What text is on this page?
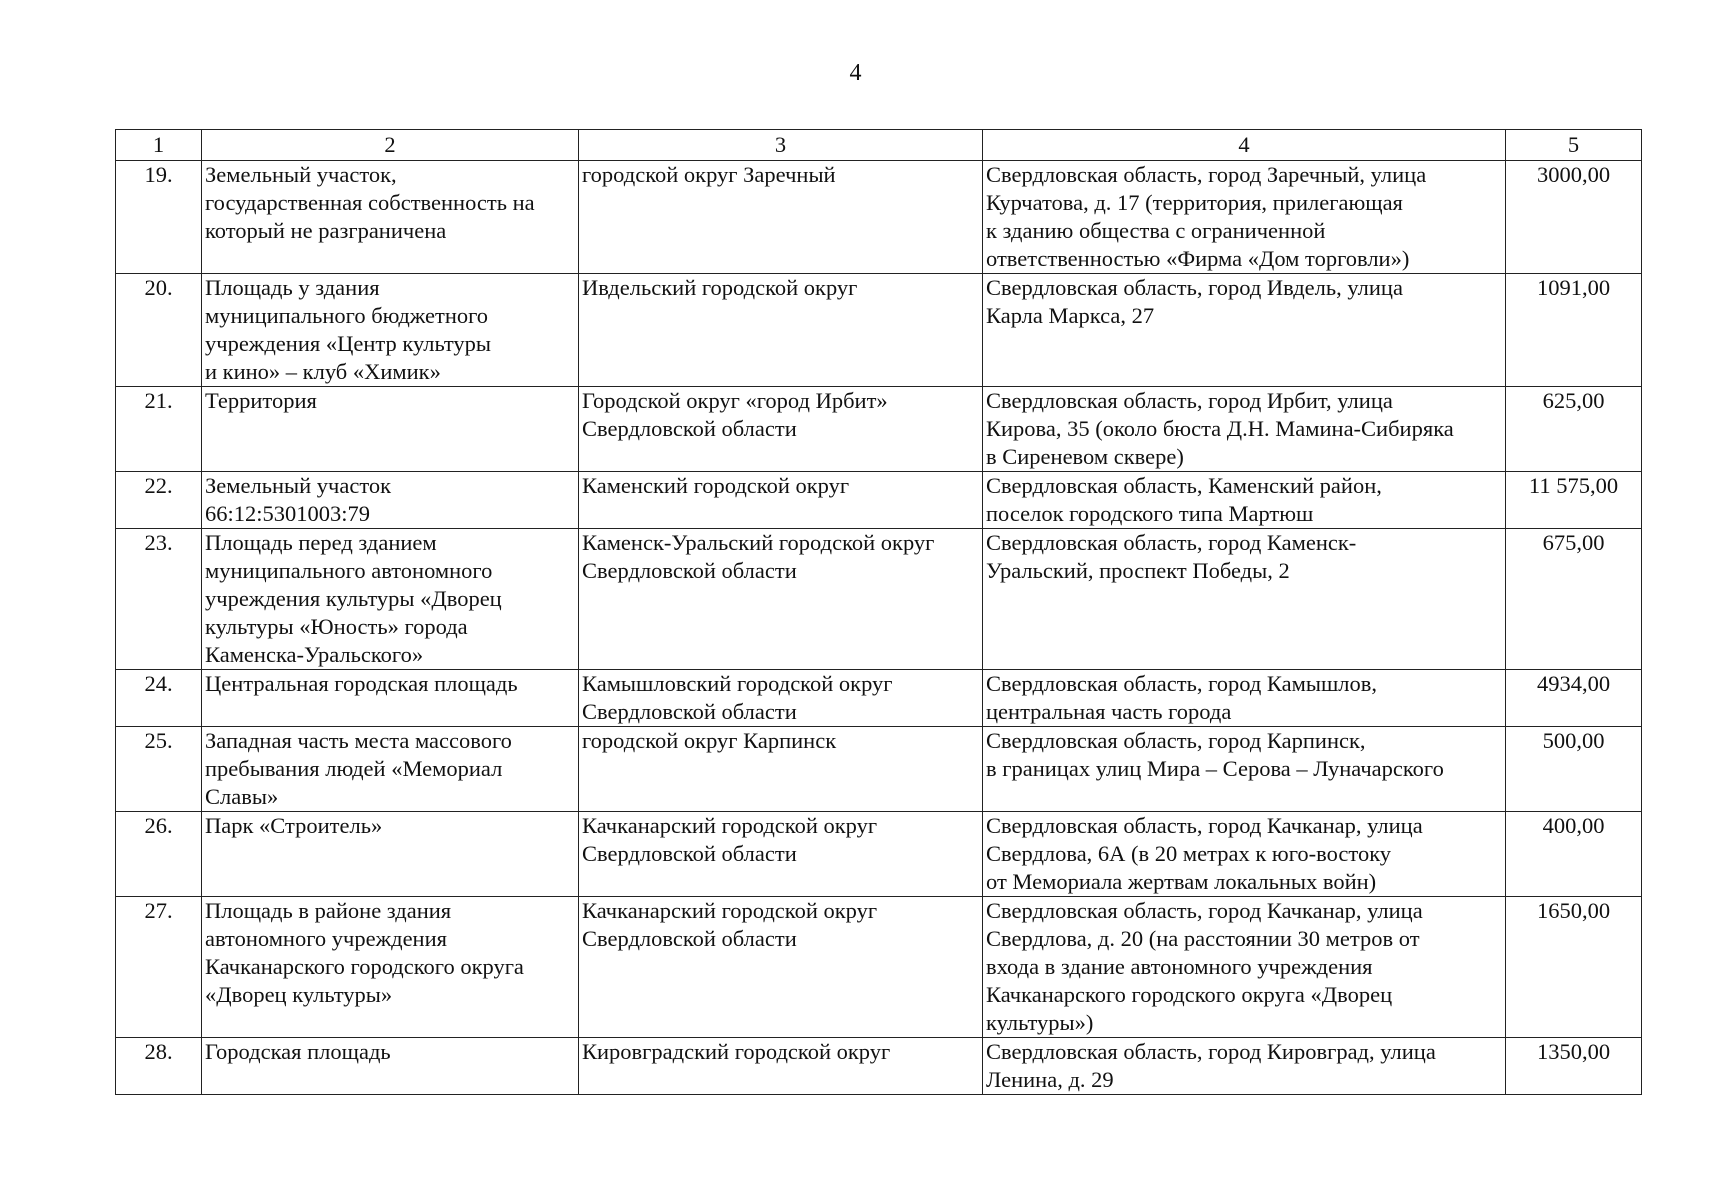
4
1	2	3	4	5
19.	Земельный участок,
государственная собственность на
который не разграничена	городской округ Заречный	Свердловская область, город Заречный, улица
Курчатова, д. 17 (территория, прилегающая
к зданию общества с ограниченной
ответственностью «Фирма «Дом торговли»)	3000,00
20.	Площадь у здания
муниципального бюджетного
учреждения «Центр культуры
и кино» – клуб «Химик»	Ивдельский городской округ	Свердловская область, город Ивдель, улица
Карла Маркса, 27	1091,00
21.	Территория	Городской округ «город Ирбит»
Свердловской области	Свердловская область, город Ирбит, улица
Кирова, 35 (около бюста Д.Н. Мамина-Сибиряка
в Сиреневом сквере)	625,00
22.	Земельный участок
66:12:5301003:79	Каменский городской округ	Свердловская область, Каменский район,
поселок городского типа Мартюш	11 575,00
23.	Площадь перед зданием
муниципального автономного
учреждения культуры «Дворец
культуры «Юность» города
Каменска-Уральского»	Каменск-Уральский городской округ
Свердловской области	Свердловская область, город Каменск-
Уральский, проспект Победы, 2	675,00
24.	Центральная городская площадь	Камышловский городской округ
Свердловской области	Свердловская область, город Камышлов,
центральная часть города	4934,00
25.	Западная часть места массового
пребывания людей «Мемориал
Славы»	городской округ Карпинск	Свердловская область, город Карпинск,
в границах улиц Мира – Серова – Луначарского	500,00
26.	Парк «Строитель»	Качканарский городской округ
Свердловской области	Свердловская область, город Качканар, улица
Свердлова, 6А (в 20 метрах к юго-востоку
от Мемориала жертвам локальных войн)	400,00
27.	Площадь в районе здания
автономного учреждения
Качканарского городского округа
«Дворец культуры»	Качканарский городской округ
Свердловской области	Свердловская область, город Качканар, улица
Свердлова, д. 20 (на расстоянии 30 метров от
входа в здание автономного учреждения
Качканарского городского округа «Дворец
культуры»)	1650,00
28.	Городская площадь	Кировградский городской округ	Свердловская область, город Кировград, улица
Ленина, д. 29	1350,00
